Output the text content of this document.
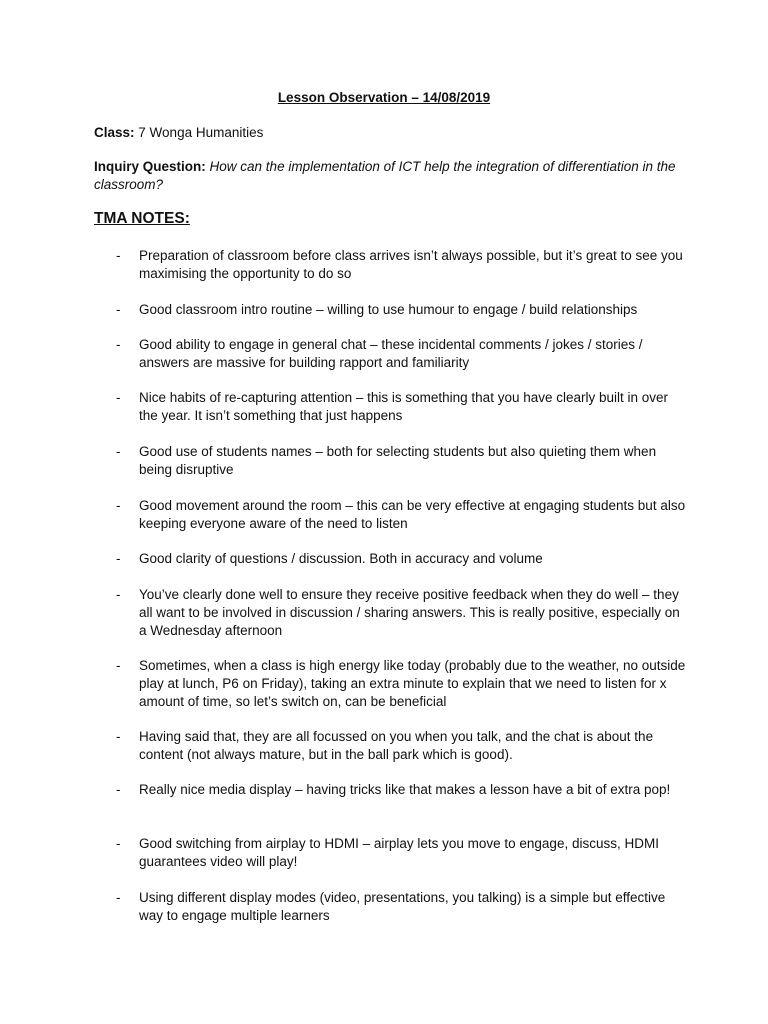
Lesson Observation – 14/08/2019
Class: 7 Wonga Humanities
Inquiry Question: How can the implementation of ICT help the integration of differentiation in the classroom?
TMA NOTES:
- Preparation of classroom before class arrives isn’t always possible, but it’s great to see you maximising the opportunity to do so
- Good classroom intro routine – willing to use humour to engage / build relationships
- Good ability to engage in general chat – these incidental comments / jokes / stories / answers are massive for building rapport and familiarity
- Nice habits of re-capturing attention – this is something that you have clearly built in over the year. It isn’t something that just happens
- Good use of students names – both for selecting students but also quieting them when being disruptive
- Good movement around the room – this can be very effective at engaging students but also keeping everyone aware of the need to listen
- Good clarity of questions / discussion. Both in accuracy and volume
- You’ve clearly done well to ensure they receive positive feedback when they do well – they all want to be involved in discussion / sharing answers. This is really positive, especially on a Wednesday afternoon
- Sometimes, when a class is high energy like today (probably due to the weather, no outside play at lunch, P6 on Friday), taking an extra minute to explain that we need to listen for x amount of time, so let’s switch on, can be beneficial
- Having said that, they are all focussed on you when you talk, and the chat is about the content (not always mature, but in the ball park which is good).
- Really nice media display – having tricks like that makes a lesson have a bit of extra pop!
- Good switching from airplay to HDMI – airplay lets you move to engage, discuss, HDMI guarantees video will play!
- Using different display modes (video, presentations, you talking) is a simple but effective way to engage multiple learners
